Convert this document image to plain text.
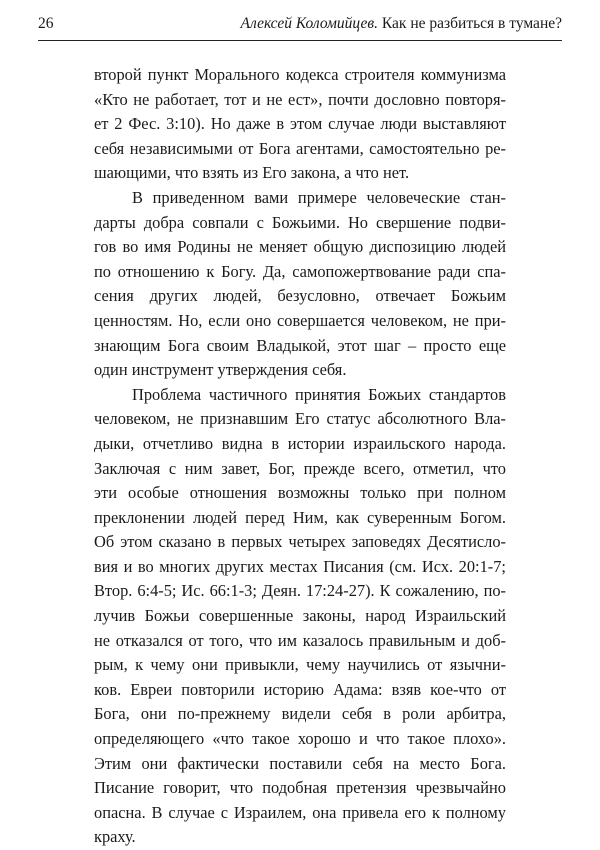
26	Алексей Коломийцев. Как не разбиться в тумане?
второй пункт Морального кодекса строителя коммунизма
«Кто не работает, тот и не ест», почти дословно повторя-
ет 2 Фес. 3:10). Но даже в этом случае люди выставляют
себя независимыми от Бога агентами, самостоятельно ре-
шающими, что взять из Его закона, а что нет.
В приведенном вами примере человеческие стан-
дарты добра совпали с Божьими. Но свершение подви-
гов во имя Родины не меняет общую диспозицию людей
по отношению к Богу. Да, самопожертвование ради спа-
сения других людей, безусловно, отвечает Божьим
ценностям. Но, если оно совершается человеком, не при-
знающим Бога своим Владыкой, этот шаг – просто еще
один инструмент утверждения себя.
Проблема частичного принятия Божьих стандартов
человеком, не признавшим Его статус абсолютного Вла-
дыки, отчетливо видна в истории израильского народа.
Заключая с ним завет, Бог, прежде всего, отметил, что
эти особые отношения возможны только при полном
преклонении людей перед Ним, как суверенным Богом.
Об этом сказано в первых четырех заповедях Десятисло-
вия и во многих других местах Писания (см. Исх. 20:1-7;
Втор. 6:4-5; Ис. 66:1-3; Деян. 17:24-27). К сожалению, по-
лучив Божьи совершенные законы, народ Израильский
не отказался от того, что им казалось правильным и доб-
рым, к чему они привыкли, чему научились от язычни-
ков. Евреи повторили историю Адама: взяв кое-что от
Бога, они по-прежнему видели себя в роли арбитра,
определяющего «что такое хорошо и что такое плохо».
Этим они фактически поставили себя на место Бога.
Писание говорит, что подобная претензия чрезвычайно
опасна. В случае с Израилем, она привела его к полному
краху.
